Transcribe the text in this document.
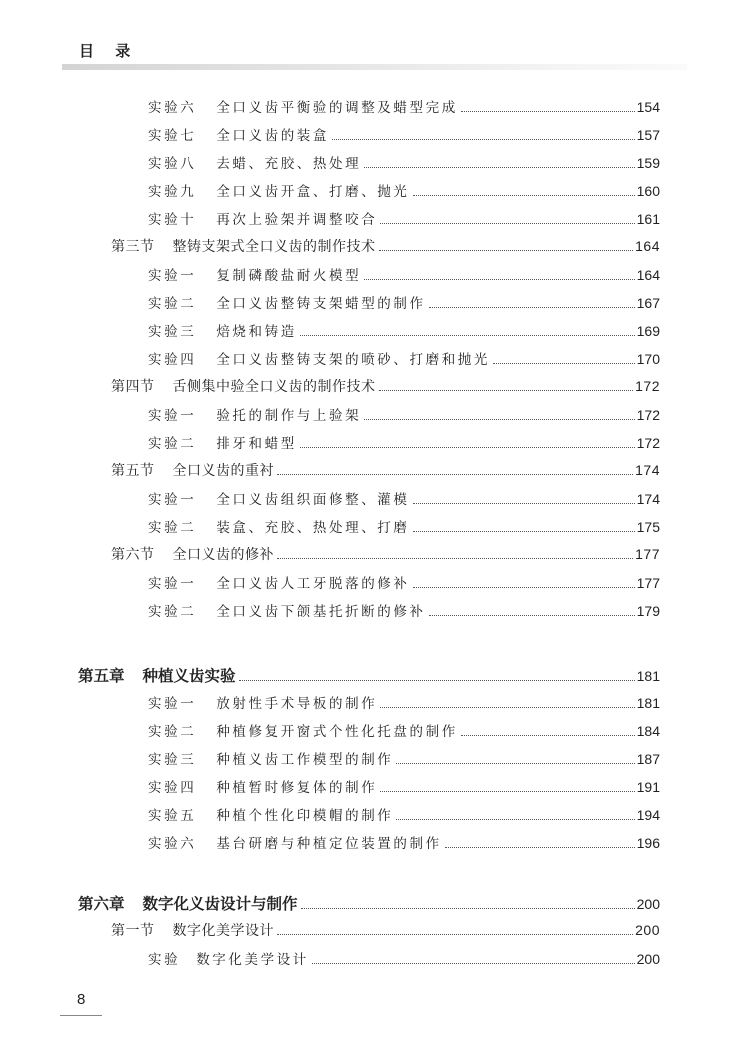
目 录
实验六 全口义齿平衡验的调整及蜡型完成	154
实验七 全口义齿的装盒	157
实验八 去蜡、充胶、热处理	159
实验九 全口义齿开盒、打磨、抛光	160
实验十 再次上验架并调整咬合	161
第三节 整铸支架式全口义齿的制作技术	164
实验一 复制磷酸盐耐火模型	164
实验二 全口义齿整铸支架蜡型的制作	167
实验三 焙烧和铸造	169
实验四 全口义齿整铸支架的喷砂、打磨和抛光	170
第四节 舌侧集中验全口义齿的制作技术	172
实验一 验托的制作与上验架	172
实验二 排牙和蜡型	172
第五节 全口义齿的重衬	174
实验一 全口义齿组织面修整、灌模	174
实验二 装盒、充胶、热处理、打磨	175
第六节 全口义齿的修补	177
实验一 全口义齿人工牙脱落的修补	177
实验二 全口义齿下颌基托折断的修补	179
第五章 种植义齿实验	181
实验一 放射性手术导板的制作	181
实验二 种植修复开窗式个性化托盘的制作	184
实验三 种植义齿工作模型的制作	187
实验四 种植暂时修复体的制作	191
实验五 种植个性化印模帽的制作	194
实验六 基台研磨与种植定位装置的制作	196
第六章 数字化义齿设计与制作	200
第一节 数字化美学设计	200
实验 数字化美学设计	200
8
